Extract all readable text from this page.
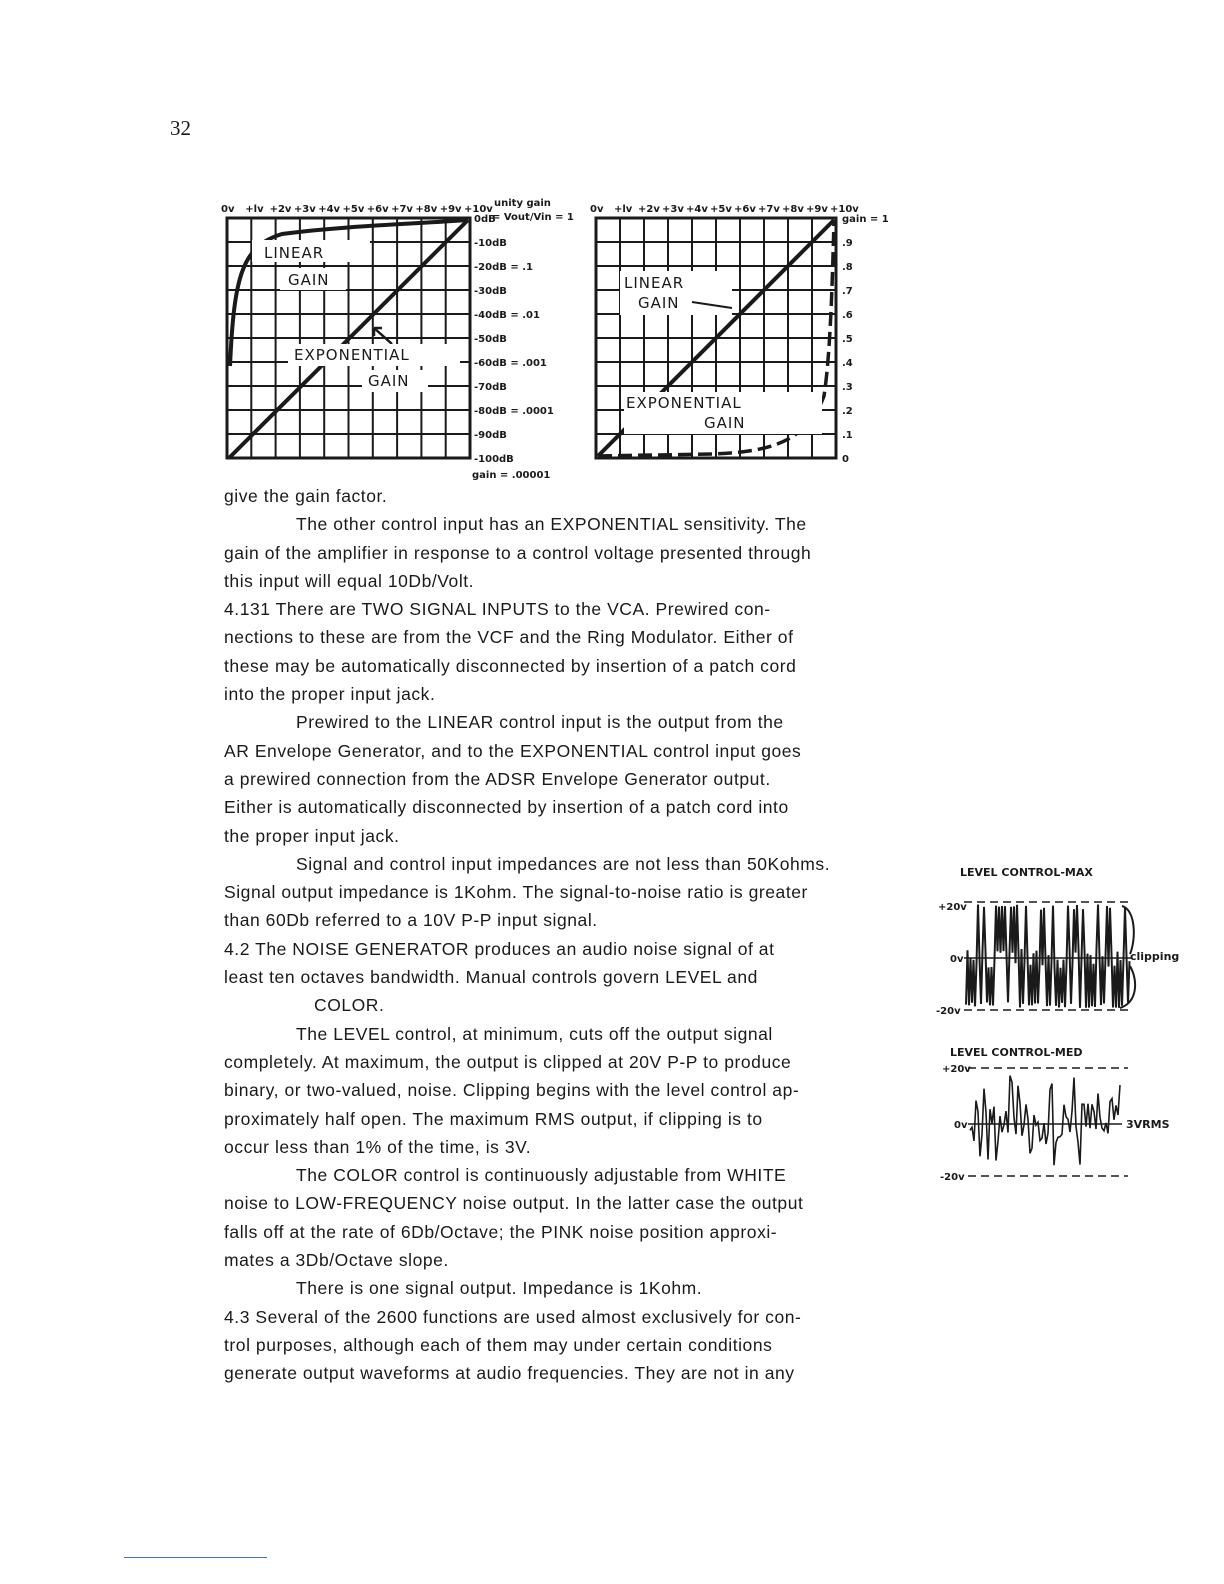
32
0v +lv +2v +3v +4v +5v +6v +7v +8v +9v +10v
unity gain
= Vout/Vin = 1
0dB
-10dB
-20dB = .1
-30dB
-40dB = .01
-50dB
-60dB = .001
-70dB
-80dB = .0001
-90dB
-100dB
gain = .00001
LINEAR
GAIN
EXPONENTIAL
GAIN
0v +lv +2v +3v +4v +5v +6v +7v +8v +9v +10v
gain = 1
.9
.8
.7
.6
.5
.4
.3
.2
.1
0
LINEAR
GAIN
EXPONENTIAL
GAIN

give the gain factor.

The other control input has an EXPONENTIAL sensitivity. The

gain of the amplifier in response to a control voltage presented through

this input will equal 10Db/Volt.

4.131 There are TWO SIGNAL INPUTS to the VCA. Prewired con-

nections to these are from the VCF and the Ring Modulator. Either of

these may be automatically disconnected by insertion of a patch cord

into the proper input jack.

Prewired to the LINEAR control input is the output from the

AR Envelope Generator, and to the EXPONENTIAL control input goes

a prewired connection from the ADSR Envelope Generator output.

Either is automatically disconnected by insertion of a patch cord into

the proper input jack.

Signal and control input impedances are not less than 50Kohms.

Signal output impedance is 1Kohm. The signal-to-noise ratio is greater

than 60Db referred to a 10V P-P input signal.

4.2 The NOISE GENERATOR produces an audio noise signal of at

least ten octaves bandwidth. Manual controls govern LEVEL and

COLOR.

The LEVEL control, at minimum, cuts off the output signal

completely. At maximum, the output is clipped at 20V P-P to produce

binary, or two-valued, noise. Clipping begins with the level control ap-

proximately half open. The maximum RMS output, if clipping is to

occur less than 1% of the time, is 3V.

The COLOR control is continuously adjustable from WHITE

noise to LOW-FREQUENCY noise output. In the latter case the output

falls off at the rate of 6Db/Octave; the PINK noise position approxi-

mates a 3Db/Octave slope.

There is one signal output. Impedance is 1Kohm.

4.3 Several of the 2600 functions are used almost exclusively for con-

trol purposes, although each of them may under certain conditions

generate output waveforms at audio frequencies. They are not in any

LEVEL CONTROL-MAX
+20v
0v
-20v
clipping
LEVEL CONTROL-MED
+20v
0v
-20v
3VRMS
